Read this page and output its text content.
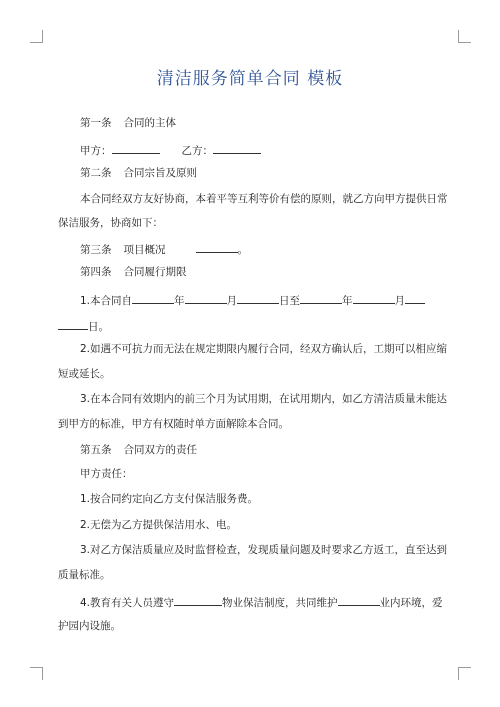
清洁服务简单合同 模板
第一条 合同的主体
甲方：	乙方：
第二条 合同宗旨及原则
本合同经双方友好协商，本着平等互利等价有偿的原则，就乙方向甲方提供日常
保洁服务，协商如下：
第三条 项目概况	。
第四条 合同履行期限
1.本合同自	年	月	日至	年	月
日。
2.如遇不可抗力而无法在规定期限内履行合同，经双方确认后，工期可以相应缩
短或延长。
3.在本合同有效期内的前三个月为试用期，在试用期内，如乙方清洁质量未能达
到甲方的标准，甲方有权随时单方面解除本合同。
第五条 合同双方的责任
甲方责任：
1.按合同约定向乙方支付保洁服务费。
2.无偿为乙方提供保洁用水、电。
3.对乙方保洁质量应及时监督检查，发现质量问题及时要求乙方返工，直至达到
质量标准。
4.教育有关人员遵守	物业保洁制度，共同维护	业内环境，爱
护园内设施。
